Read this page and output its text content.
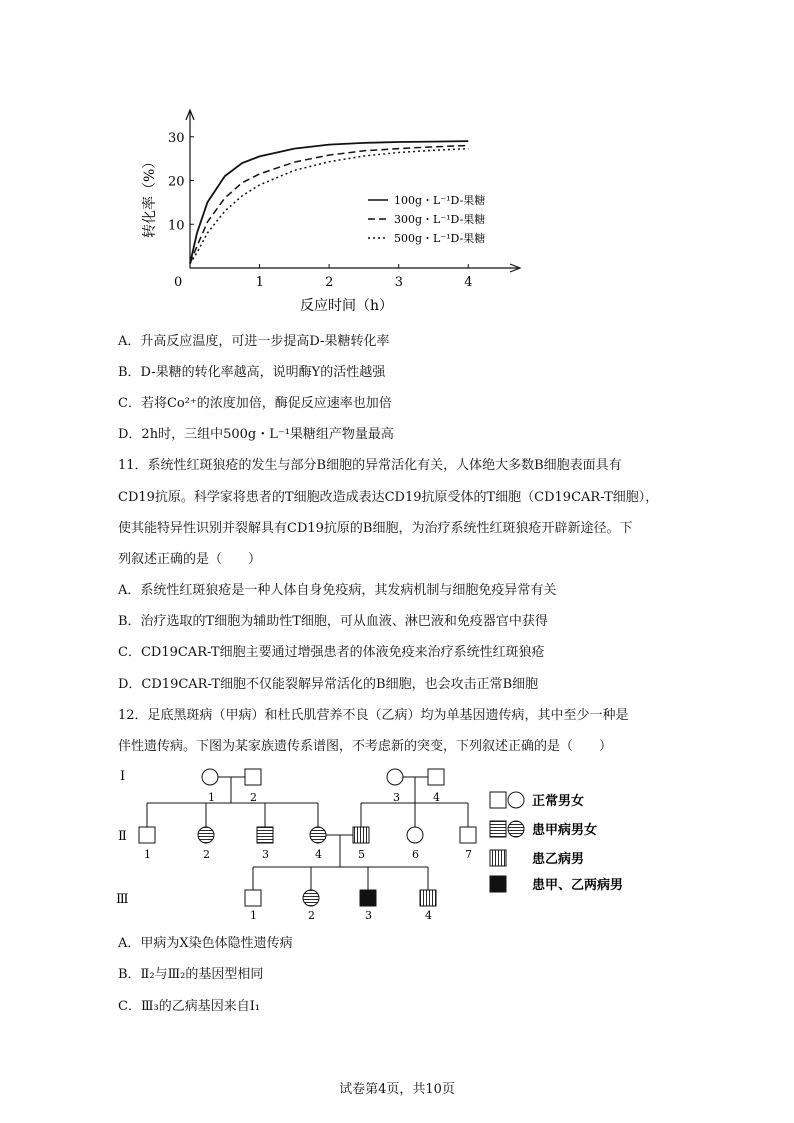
0	1	2	3	4
10
20
30
反应时间（h）
转化率（%）	100g・L⁻¹D-果糖
300g・L⁻¹D-果糖
500g・L⁻¹D-果糖
A．升高反应温度，可进一步提高D-果糖转化率
B．D-果糖的转化率越高，说明酶Y的活性越强
C．若将Co²⁺的浓度加倍，酶促反应速率也加倍
D．2h时，三组中500g・L⁻¹果糖组产物量最高
11．系统性红斑狼疮的发生与部分B细胞的异常活化有关，人体绝大多数B细胞表面具有
CD19抗原。科学家将患者的T细胞改造成表达CD19抗原受体的T细胞（CD19CAR-T细胞），
使其能特异性识别并裂解具有CD19抗原的B细胞，为治疗系统性红斑狼疮开辟新途径。下
列叙述正确的是（　　）
A．系统性红斑狼疮是一种人体自身免疫病，其发病机制与细胞免疫异常有关
B．治疗选取的T细胞为辅助性T细胞，可从血液、淋巴液和免疫器官中获得
C．CD19CAR-T细胞主要通过增强患者的体液免疫来治疗系统性红斑狼疮
D．CD19CAR-T细胞不仅能裂解异常活化的B细胞，也会攻击正常B细胞
12．足底黑斑病（甲病）和杜氏肌营养不良（乙病）均为单基因遗传病，其中至少一种是
伴性遗传病。下图为某家族遗传系谱图，不考虑新的突变，下列叙述正确的是（　　）
A．甲病为X染色体隐性遗传病
B．Ⅱ₂与Ⅲ₂的基因型相同
C．Ⅲ₃的乙病基因来自Ⅰ₁
Ⅰ
Ⅱ
Ⅲ
1	2	3	4
1	2	3	4	5	6	7
1	2	3	4
正常男女
患甲病男女
患乙病男
患甲、乙两病男
试卷第4页，共10页
